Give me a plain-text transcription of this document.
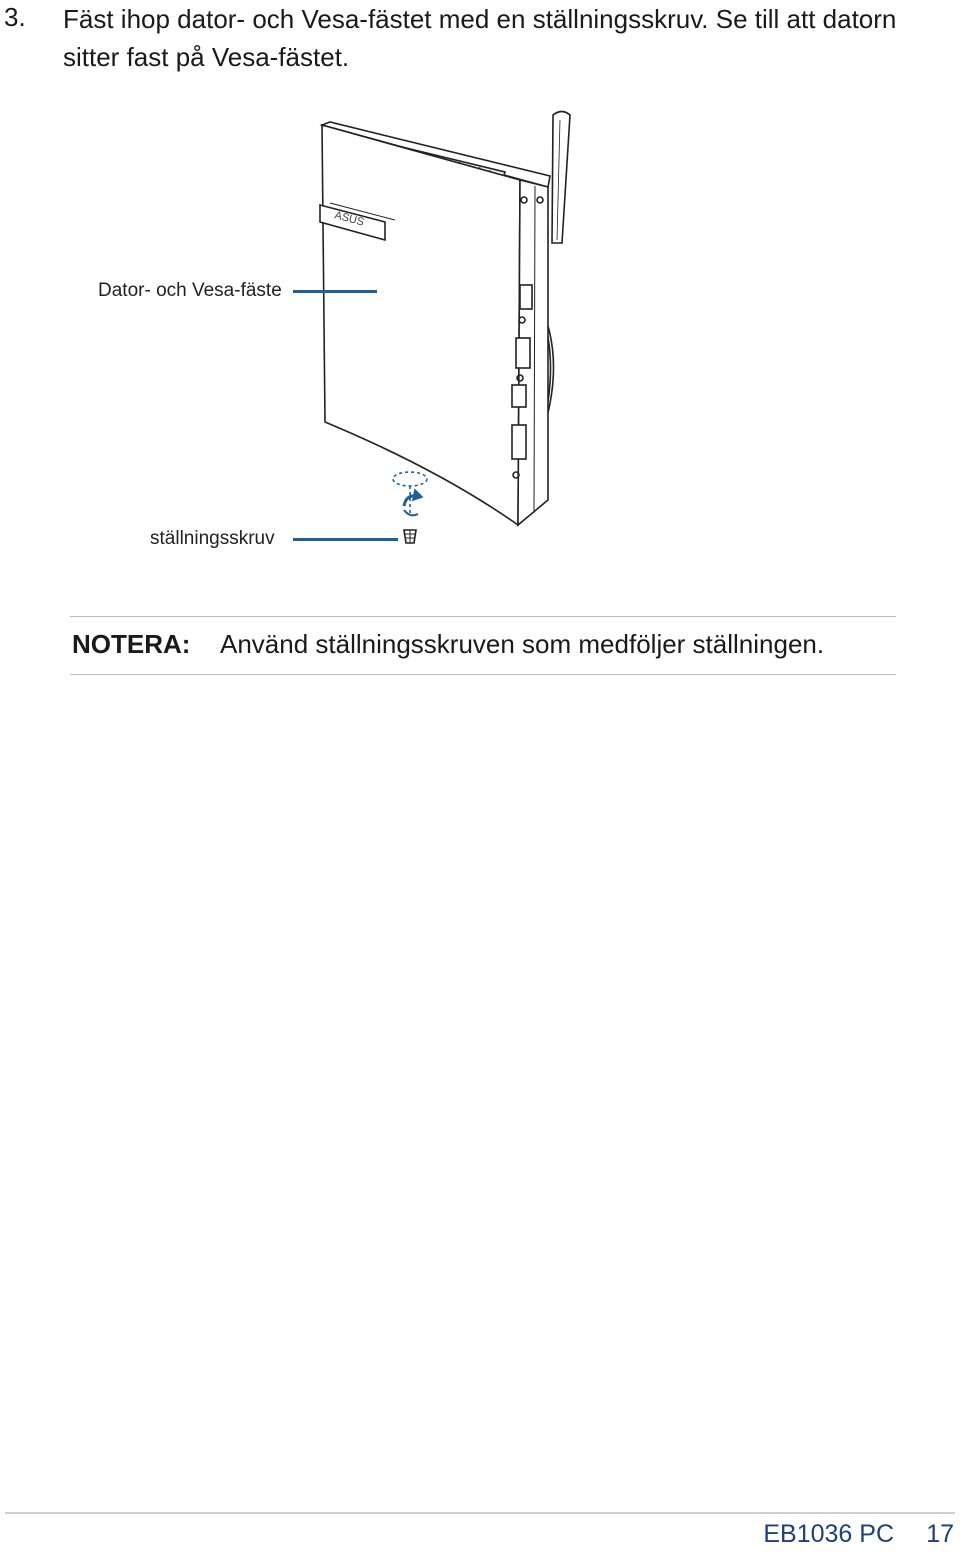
3. Fäst ihop dator- och Vesa-fästet med en ställningsskruv. Se till att datorn sitter fast på Vesa-fästet.
ASUS
Dator- och Vesa-fäste
ställningsskruv
NOTERA: Använd ställningsskruven som medföljer ställningen.
EB1036 PC 17
